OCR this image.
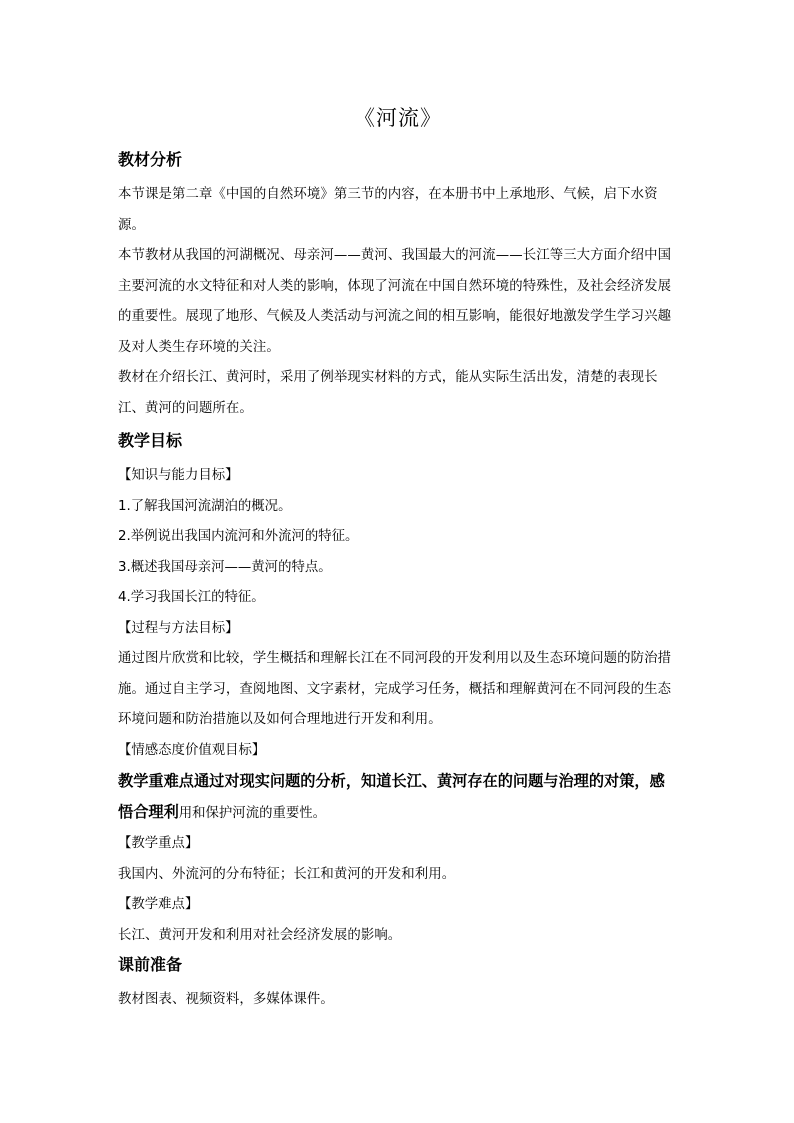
《河流》
教材分析

本节课是第二章《中国的自然环境》第三节的内容，在本册书中上承地形、气候，启下水资源。

本节教材从我国的河湖概况、母亲河——黄河、我国最大的河流——长江等三大方面介绍中国主要河流的水文特征和对人类的影响，体现了河流在中国自然环境的特殊性，及社会经济发展的重要性。展现了地形、气候及人类活动与河流之间的相互影响，能很好地激发学生学习兴趣及对人类生存环境的关注。

教材在介绍长江、黄河时，采用了例举现实材料的方式，能从实际生活出发，清楚的表现长江、黄河的问题所在。

教学目标

【知识与能力目标】

1.了解我国河流湖泊的概况。

2.举例说出我国内流河和外流河的特征。

3.概述我国母亲河——黄河的特点。

4.学习我国长江的特征。

【过程与方法目标】

通过图片欣赏和比较，学生概括和理解长江在不同河段的开发利用以及生态环境问题的防治措施。通过自主学习，查阅地图、文字素材，完成学习任务，概括和理解黄河在不同河段的生态环境问题和防治措施以及如何合理地进行开发和利用。

【情感态度价值观目标】

教学重难点通过对现实问题的分析，知道长江、黄河存在的问题与治理的对策，感悟合理利用和保护河流的重要性。

【教学重点】

我国内、外流河的分布特征；长江和黄河的开发和利用。

【教学难点】

长江、黄河开发和利用对社会经济发展的影响。

课前准备

教材图表、视频资料，多媒体课件。
